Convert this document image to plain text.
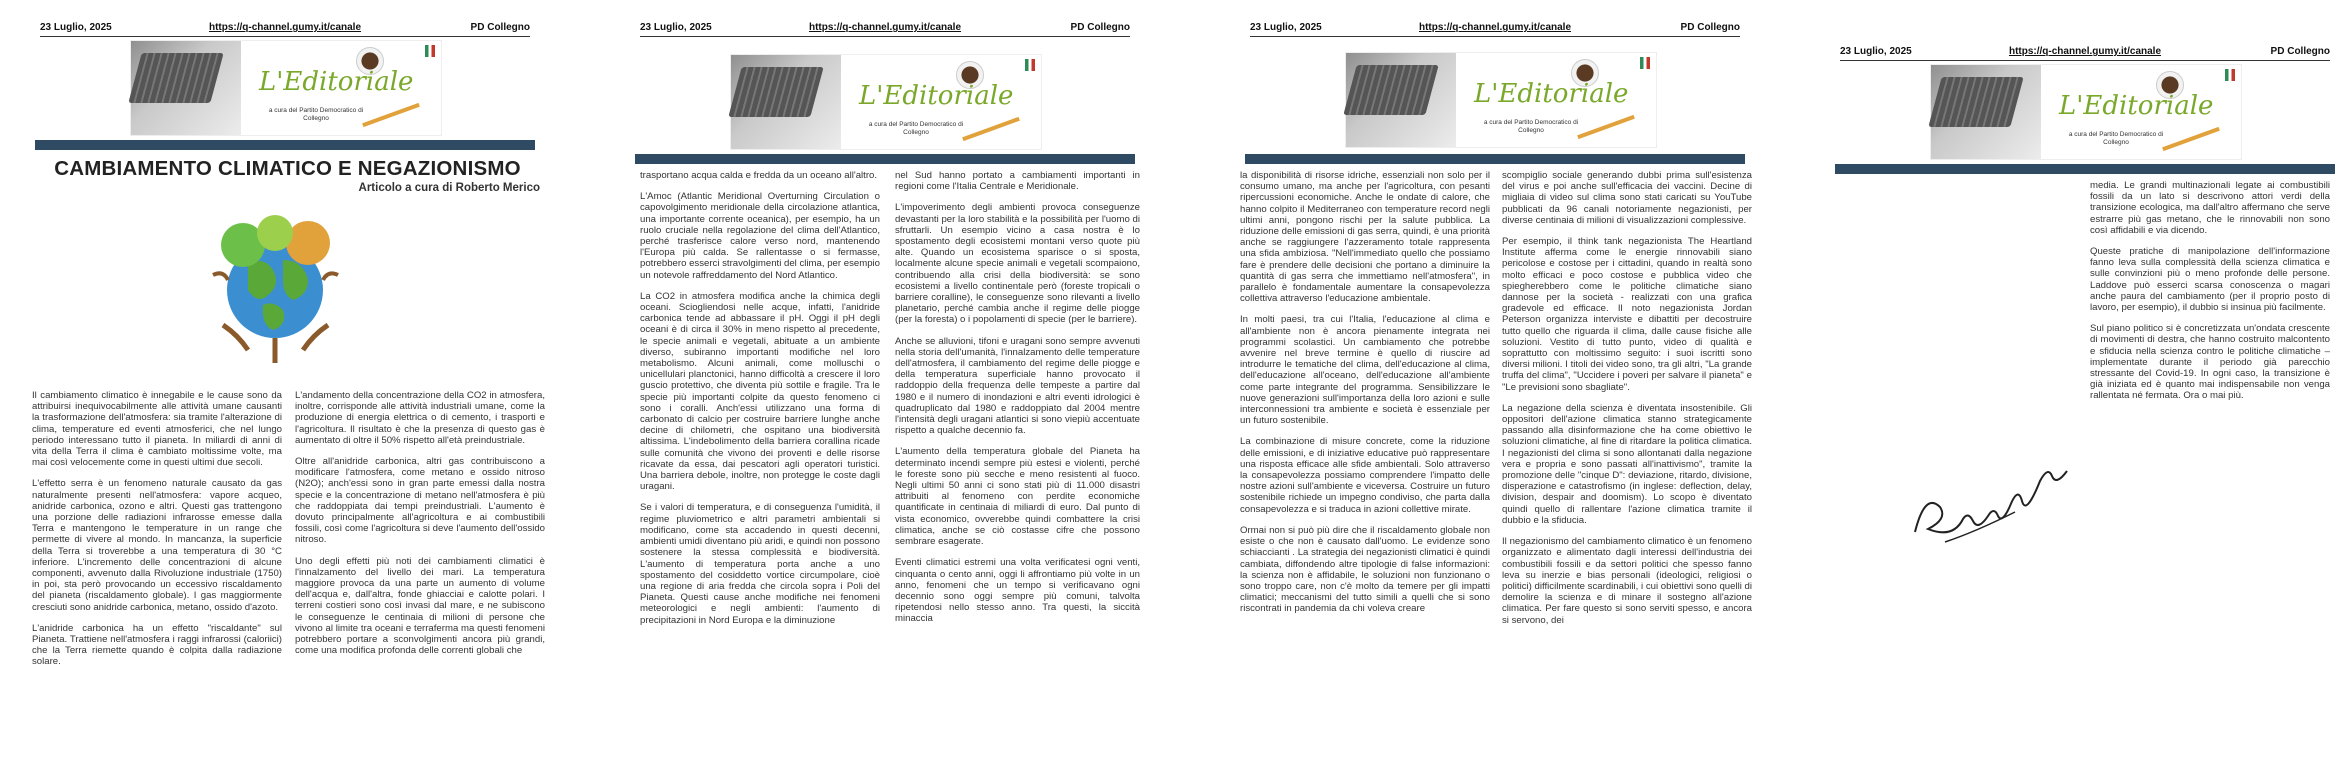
23 Luglio, 2025	https://q-channel.gumy.it/canale	PD Collegno
L'Editoriale
a cura del Partito Democratico di Collegno
CAMBIAMENTO CLIMATICO E NEGAZIONISMO
Articolo a cura di Roberto Merico

Il cambiamento climatico è innegabile e le cause sono da attribuirsi inequivocabilmente alle attività umane causanti la trasformazione dell'atmosfera: sia tramite l'alterazione di clima, temperature ed eventi atmosferici, che nel lungo periodo interessano tutto il pianeta. In miliardi di anni di vita della Terra il clima è cambiato moltissime volte, ma mai così velocemente come in questi ultimi due secoli.

L'effetto serra è un fenomeno naturale causato da gas naturalmente presenti nell'atmosfera: vapore acqueo, anidride carbonica, ozono e altri. Questi gas trattengono una porzione delle radiazioni infrarosse emesse dalla Terra e mantengono le temperature in un range che permette di vivere al mondo. In mancanza, la superficie della Terra si troverebbe a una temperatura di 30 °C inferiore. L'incremento delle concentrazioni di alcune componenti, avvenuto dalla Rivoluzione industriale (1750) in poi, sta però provocando un eccessivo riscaldamento del pianeta (riscaldamento globale). I gas maggiormente cresciuti sono anidride carbonica, metano, ossido d'azoto.

L'anidride carbonica ha un effetto "riscaldante" sul Pianeta. Trattiene nell'atmosfera i raggi infrarossi (caloriici) che la Terra riemette quando è colpita dalla radiazione solare.

L'andamento della concentrazione della CO2 in atmosfera, inoltre, corrisponde alle attività industriali umane, come la produzione di energia elettrica o di cemento, i trasporti e l'agricoltura. Il risultato è che la presenza di questo gas è aumentato di oltre il 50% rispetto all'età preindustriale.

Oltre all'anidride carbonica, altri gas contribuiscono a modificare l'atmosfera, come metano e ossido nitroso (N2O); anch'essi sono in gran parte emessi dalla nostra specie e la concentrazione di metano nell'atmosfera è più che raddoppiata dai tempi preindustriali. L'aumento è dovuto principalmente all'agricoltura e ai combustibili fossili, così come l'agricoltura si deve l'aumento dell'ossido nitroso.

Uno degli effetti più noti dei cambiamenti climatici è l'innalzamento del livello dei mari. La temperatura maggiore provoca da una parte un aumento di volume dell'acqua e, dall'altra, fonde ghiacciai e calotte polari. I terreni costieri sono così invasi dal mare, e ne subiscono le conseguenze le centinaia di milioni di persone che vivono al limite tra oceani e terraferma ma questi fenomeni potrebbero portare a sconvolgimenti ancora più grandi, come una modifica profonda delle correnti globali che

23 Luglio, 2025	https://q-channel.gumy.it/canale	PD Collegno
L'Editoriale
a cura del Partito Democratico di Collegno

trasportano acqua calda e fredda da un oceano all'altro.

L'Amoc (Atlantic Meridional Overturning Circulation o capovolgimento meridionale della circolazione atlantica, una importante corrente oceanica), per esempio, ha un ruolo cruciale nella regolazione del clima dell'Atlantico, perché trasferisce calore verso nord, mantenendo l'Europa più calda. Se rallentasse o si fermasse, potrebbero esserci stravolgimenti del clima, per esempio un notevole raffreddamento del Nord Atlantico.

La CO2 in atmosfera modifica anche la chimica degli oceani. Sciogliendosi nelle acque, infatti, l'anidride carbonica tende ad abbassare il pH. Oggi il pH degli oceani è di circa il 30% in meno rispetto al precedente, le specie animali e vegetali, abituate a un ambiente diverso, subiranno importanti modifiche nel loro metabolismo. Alcuni animali, come molluschi o unicellulari planctonici, hanno difficoltà a crescere il loro guscio protettivo, che diventa più sottile e fragile. Tra le specie più importanti colpite da questo fenomeno ci sono i coralli. Anch'essi utilizzano una forma di carbonato di calcio per costruire barriere lunghe anche decine di chilometri, che ospitano una biodiversità altissima. L'indebolimento della barriera corallina ricade sulle comunità che vivono dei proventi e delle risorse ricavate da essa, dai pescatori agli operatori turistici. Una barriera debole, inoltre, non protegge le coste dagli uragani.

Se i valori di temperatura, e di conseguenza l'umidità, il regime pluviometrico e altri parametri ambientali si modificano, come sta accadendo in questi decenni, ambienti umidi diventano più aridi, e quindi non possono sostenere la stessa complessità e biodiversità. L'aumento di temperatura porta anche a uno spostamento del cosiddetto vortice circumpolare, cioè una regione di aria fredda che circola sopra i Poli del Pianeta. Questi cause anche modifiche nei fenomeni meteorologici e negli ambienti: l'aumento di precipitazioni in Nord Europa e la diminuzione

nel Sud hanno portato a cambiamenti importanti in regioni come l'Italia Centrale e Meridionale.

L'impoverimento degli ambienti provoca conseguenze devastanti per la loro stabilità e la possibilità per l'uomo di sfruttarli. Un esempio vicino a casa nostra è lo spostamento degli ecosistemi montani verso quote più alte. Quando un ecosistema sparisce o si sposta, localmente alcune specie animali e vegetali scompaiono, contribuendo alla crisi della biodiversità: se sono ecosistemi a livello continentale però (foreste tropicali o barriere coralline), le conseguenze sono rilevanti a livello planetario, perché cambia anche il regime delle piogge (per la foresta) o i popolamenti di specie (per le barriere).

Anche se alluvioni, tifoni e uragani sono sempre avvenuti nella storia dell'umanità, l'innalzamento delle temperature dell'atmosfera, il cambiamento del regime delle piogge e della temperatura superficiale hanno provocato il raddoppio della frequenza delle tempeste a partire dal 1980 e il numero di inondazioni e altri eventi idrologici è quadruplicato dal 1980 e raddoppiato dal 2004 mentre l'intensità degli uragani atlantici si sono viepiù accentuate rispetto a qualche decennio fa.

L'aumento della temperatura globale del Pianeta ha determinato incendi sempre più estesi e violenti, perché le foreste sono più secche e meno resistenti al fuoco. Negli ultimi 50 anni ci sono stati più di 11.000 disastri attribuiti al fenomeno con perdite economiche quantificate in centinaia di miliardi di euro. Dal punto di vista economico, ovverebbe quindi combattere la crisi climatica, anche se ciò costasse cifre che possono sembrare esagerate.

Eventi climatici estremi una volta verificatesi ogni venti, cinquanta o cento anni, oggi li affrontiamo più volte in un anno, fenomeni che un tempo si verificavano ogni decennio sono oggi sempre più comuni, talvolta ripetendosi nello stesso anno. Tra questi, la siccità minaccia

23 Luglio, 2025	https://q-channel.gumy.it/canale	PD Collegno
L'Editoriale
a cura del Partito Democratico di Collegno

la disponibilità di risorse idriche, essenziali non solo per il consumo umano, ma anche per l'agricoltura, con pesanti ripercussioni economiche. Anche le ondate di calore, che hanno colpito il Mediterraneo con temperature record negli ultimi anni, pongono rischi per la salute pubblica. La riduzione delle emissioni di gas serra, quindi, è una priorità anche se raggiungere l'azzeramento totale rappresenta una sfida ambiziosa. "Nell'immediato quello che possiamo fare è prendere delle decisioni che portano a diminuire la quantità di gas serra che immettiamo nell'atmosfera", in parallelo è fondamentale aumentare la consapevolezza collettiva attraverso l'educazione ambientale.

In molti paesi, tra cui l'Italia, l'educazione al clima e all'ambiente non è ancora pienamente integrata nei programmi scolastici. Un cambiamento che potrebbe avvenire nel breve termine è quello di riuscire ad introdurre le tematiche del clima, dell'educazione al clima, dell'educazione all'oceano, dell'educazione all'ambiente come parte integrante del programma. Sensibilizzare le nuove generazioni sull'importanza della loro azioni e sulle interconnessioni tra ambiente e società è essenziale per un futuro sostenibile.

La combinazione di misure concrete, come la riduzione delle emissioni, e di iniziative educative può rappresentare una risposta efficace alle sfide ambientali. Solo attraverso la consapevolezza possiamo comprendere l'impatto delle nostre azioni sull'ambiente e viceversa. Costruire un futuro sostenibile richiede un impegno condiviso, che parta dalla consapevolezza e si traduca in azioni collettive mirate.

Ormai non si può più dire che il riscaldamento globale non esiste o che non è causato dall'uomo. Le evidenze sono schiaccianti . La strategia dei negazionisti climatici è quindi cambiata, diffondendo altre tipologie di false informazioni: la scienza non è affidabile, le soluzioni non funzionano o sono troppo care, non c'è molto da temere per gli impatti climatici; meccanismi del tutto simili a quelli che si sono riscontrati in pandemia da chi voleva creare

scompiglio sociale generando dubbi prima sull'esistenza del virus e poi anche sull'efficacia dei vaccini. Decine di migliaia di video sul clima sono stati caricati su YouTube pubblicati da 96 canali notoriamente negazionisti, per diverse centinaia di milioni di visualizzazioni complessive.

Per esempio, il think tank negazionista The Heartland Institute afferma come le energie rinnovabili siano pericolose e costose per i cittadini, quando in realtà sono molto efficaci e poco costose e pubblica video che spiegherebbero come le politiche climatiche siano dannose per la società - realizzati con una grafica gradevole ed efficace. Il noto negazionista Jordan Peterson organizza interviste e dibattiti per decostruire tutto quello che riguarda il clima, dalle cause fisiche alle soluzioni. Vestito di tutto punto, video di qualità e soprattutto con moltissimo seguito: i suoi iscritti sono diversi milioni. I titoli dei video sono, tra gli altri, "La grande truffa del clima", "Uccidere i poveri per salvare il pianeta" e "Le previsioni sono sbagliate".

La negazione della scienza è diventata insostenibile. Gli oppositori dell'azione climatica stanno strategicamente passando alla disinformazione che ha come obiettivo le soluzioni climatiche, al fine di ritardare la politica climatica. I negazionisti del clima si sono allontanati dalla negazione vera e propria e sono passati all'inattivismo", tramite la promozione delle "cinque D": deviazione, ritardo, divisione, disperazione e catastrofismo (in inglese: deflection, delay, division, despair and doomism). Lo scopo è diventato quindi quello di rallentare l'azione climatica tramite il dubbio e la sfiducia.

Il negazionismo del cambiamento climatico è un fenomeno organizzato e alimentato dagli interessi dell'industria dei combustibili fossili e da settori politici che spesso fanno leva su inerzie e bias personali (ideologici, religiosi o politici) difficilmente scardinabili, i cui obiettivi sono quelli di demolire la scienza e di minare il sostegno all'azione climatica. Per fare questo si sono serviti spesso, e ancora si servono, dei

23 Luglio, 2025	https://q-channel.gumy.it/canale	PD Collegno
L'Editoriale
a cura del Partito Democratico di Collegno

media. Le grandi multinazionali legate ai combustibili fossili da un lato si descrivono attori verdi della transizione ecologica, ma dall'altro affermano che serve estrarre più gas metano, che le rinnovabili non sono così affidabili e via dicendo.

Queste pratiche di manipolazione dell'informazione fanno leva sulla complessità della scienza climatica e sulle convinzioni più o meno profonde delle persone. Laddove può esserci scarsa conoscenza o magari anche paura del cambiamento (per il proprio posto di lavoro, per esempio), il dubbio si insinua più facilmente.

Sul piano politico si è concretizzata un'ondata crescente di movimenti di destra, che hanno costruito malcontento e sfiducia nella scienza contro le politiche climatiche – implementate durante il periodo già parecchio stressante del Covid-19. In ogni caso, la transizione è già iniziata ed è quanto mai indispensabile non venga rallentata né fermata. Ora o mai più.
